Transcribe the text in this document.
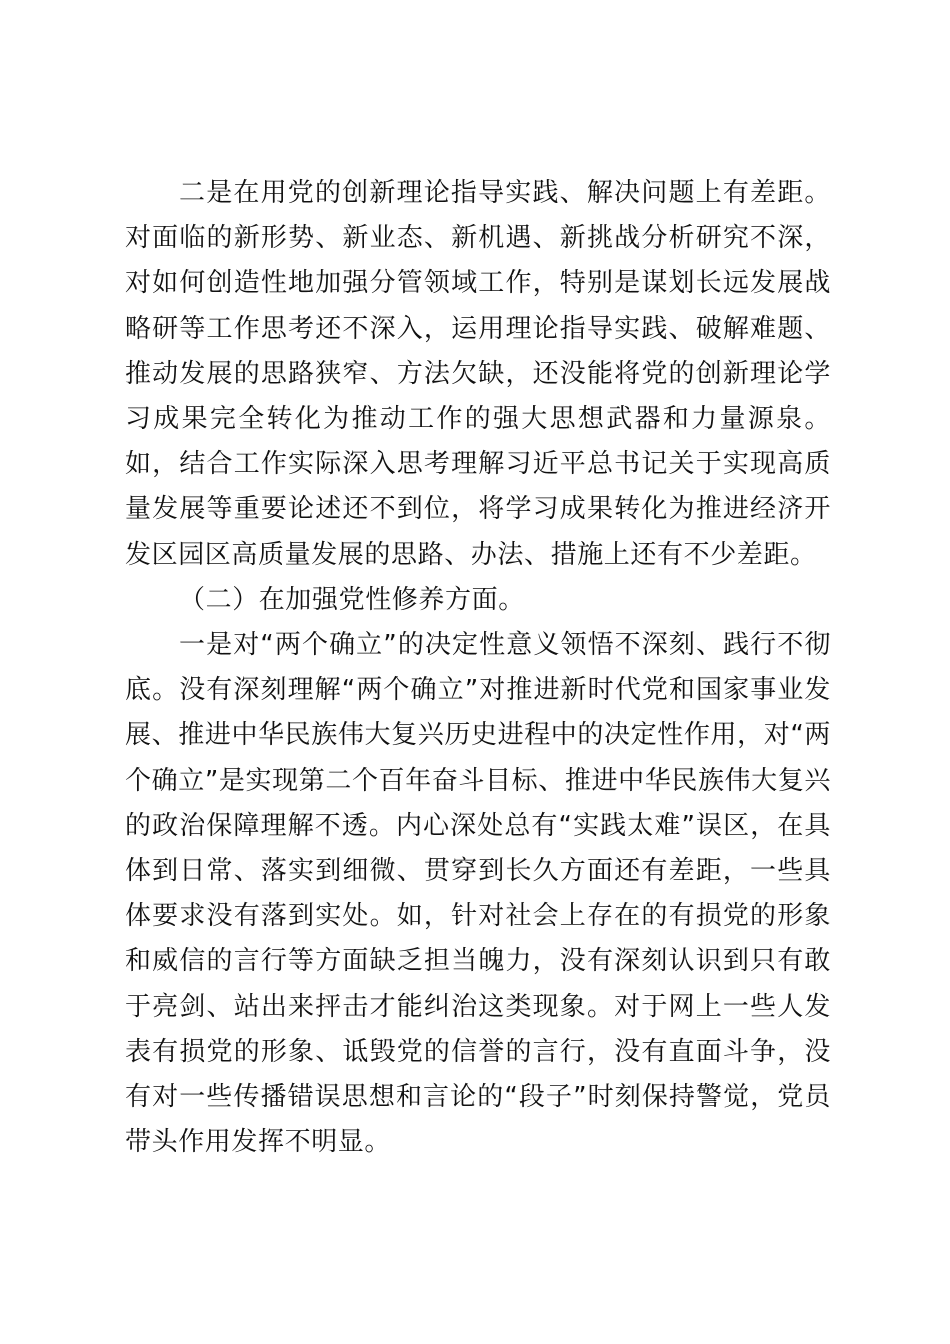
二是在用党的创新理论指导实践、解决问题上有差距。对面临的新形势、新业态、新机遇、新挑战分析研究不深，对如何创造性地加强分管领域工作，特别是谋划长远发展战略研等工作思考还不深入，运用理论指导实践、破解难题、推动发展的思路狭窄、方法欠缺，还没能将党的创新理论学习成果完全转化为推动工作的强大思想武器和力量源泉。如，结合工作实际深入思考理解习近平总书记关于实现高质量发展等重要论述还不到位，将学习成果转化为推进经济开发区园区高质量发展的思路、办法、措施上还有不少差距。

（二）在加强党性修养方面。

一是对“两个确立”的决定性意义领悟不深刻、践行不彻底。没有深刻理解“两个确立”对推进新时代党和国家事业发展、推进中华民族伟大复兴历史进程中的决定性作用，对“两个确立”是实现第二个百年奋斗目标、推进中华民族伟大复兴的政治保障理解不透。内心深处总有“实践太难”误区，在具体到日常、落实到细微、贯穿到长久方面还有差距，一些具体要求没有落到实处。如，针对社会上存在的有损党的形象和威信的言行等方面缺乏担当魄力，没有深刻认识到只有敢于亮剑、站出来抨击才能纠治这类现象。对于网上一些人发表有损党的形象、诋毁党的信誉的言行，没有直面斗争，没有对一些传播错误思想和言论的“段子”时刻保持警觉，党员带头作用发挥不明显。
